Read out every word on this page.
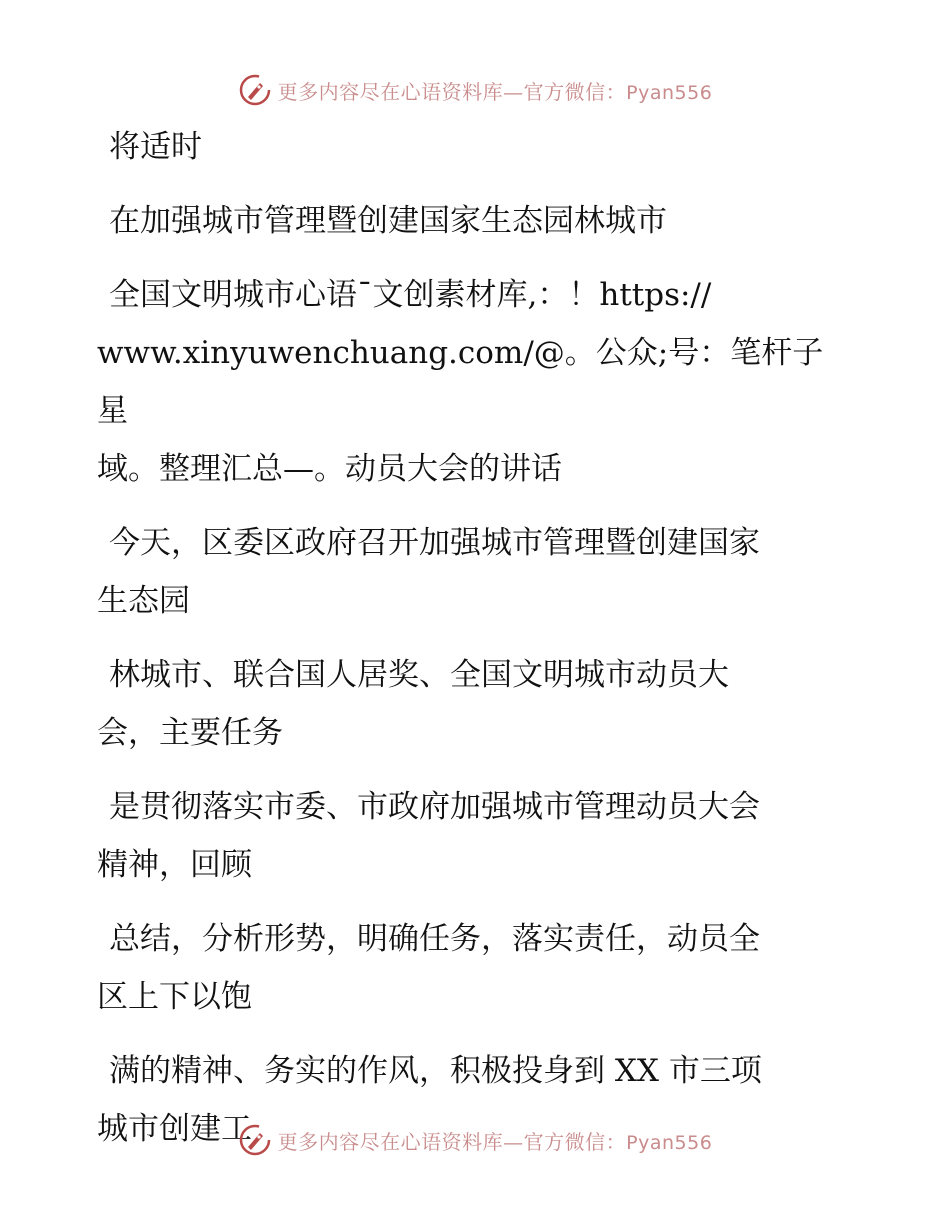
更多内容尽在心语资料库—官方微信：Pyan556

将适时

在加强城市管理暨创建国家生态园林城市

全国文明城市心语¯文创素材库,：！https://
www.xinyuwenchuang.com/@。公众;号：笔杆子星
域。整理汇总—。动员大会的讲话

今天，区委区政府召开加强城市管理暨创建国家
生态园

林城市、联合国人居奖、全国文明城市动员大
会，主要任务

是贯彻落实市委、市政府加强城市管理动员大会
精神，回顾

总结，分析形势，明确任务，落实责任，动员全
区上下以饱

满的精神、务实的作风，积极投身到 XX 市三项
城市创建工	更多内容尽在心语资料库—官方微信：Pyan556
